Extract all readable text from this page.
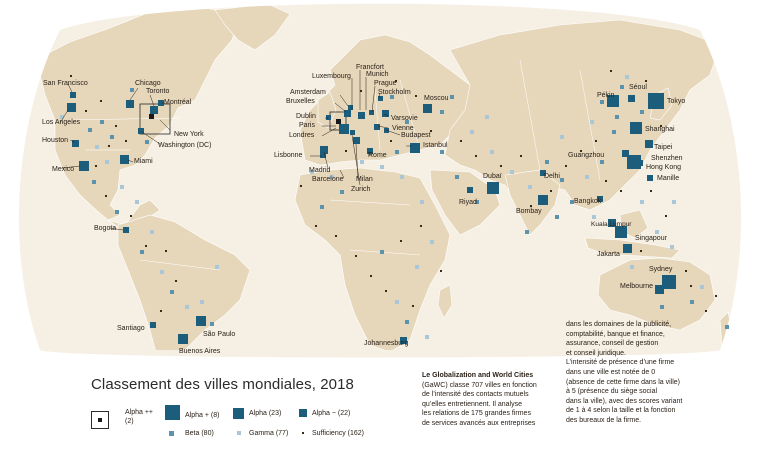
San Francisco
Los Angeles
Houston
Mexico
Chicago
Toronto
Montréal
New York
Washington (DC)
Miami
Bogota
Santiago
São Paulo
Buenos Aires
Francfort
Munich
Luxembourg
Prague
Amsterdam	Stockholm
Bruxelles	Moscou
Dublin
Paris
Londres
Varsovie
Vienne
Budapest
Istanbul
Lisbonne	Rome
Madrid
Barcelone Milan
Zurich
Dubaï
Riyad
Delhi
Bombay
Bangkok
Kuala Lumpur
Singapour
Jakarta
Johannesburg
Pékin
Séoul
Tokyo
Shanghai
Taipei
Guangzhou	Shenzhen
Hong Kong
Manille
Sydney
Melbourne
Classement des villes mondiales, 2018
Alpha ++
(2)
Alpha + (8)	Alpha (23)	Alpha − (22)
Beta (80)	Gamma (77)	Sufficiency (162)
Le Globalization and World Cities
(GaWC) classe 707 villes en fonction
de l’intensité des contacts mutuels
qu’elles entretiennent. Il analyse
les relations de 175 grandes firmes
de services avancés aux entreprises
dans les domaines de la publicité,
comptabilité, banque et finance,
assurance, conseil de gestion
et conseil juridique.
L’intensité de présence d’une firme
dans une ville est notée de 0
(absence de cette firme dans la ville)
à 5 (présence du siège social
dans la ville), avec des scores variant
de 1 à 4 selon la taille et la fonction
des bureaux de la firme.
